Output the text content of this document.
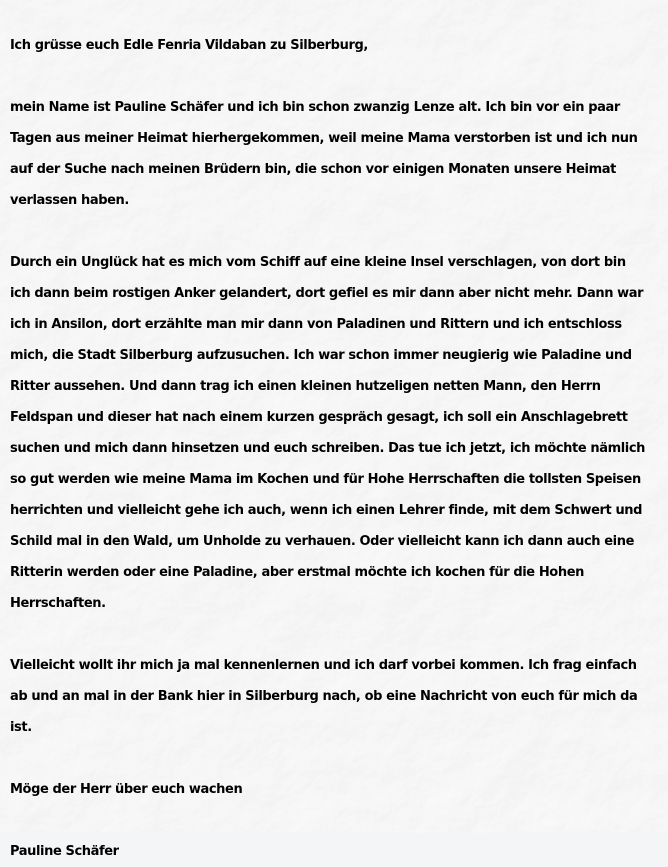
Ich grüsse euch Edle Fenria Vildaban zu Silberburg,

mein Name ist Pauline Schäfer und ich bin schon zwanzig Lenze alt. Ich bin vor ein paar Tagen aus meiner Heimat hierhergekommen, weil meine Mama verstorben ist und ich nun auf der Suche nach meinen Brüdern bin, die schon vor einigen Monaten unsere Heimat verlassen haben.

Durch ein Unglück hat es mich vom Schiff auf eine kleine Insel verschlagen, von dort bin ich dann beim rostigen Anker gelandert, dort gefiel es mir dann aber nicht mehr. Dann war ich in Ansilon, dort erzählte man mir dann von Paladinen und Rittern und ich entschloss mich, die Stadt Silberburg aufzusuchen. Ich war schon immer neugierig wie Paladine und Ritter aussehen. Und dann trag ich einen kleinen hutzeligen netten Mann, den Herrn Feldspan und dieser hat nach einem kurzen gespräch gesagt, ich soll ein Anschlagebrett suchen und mich dann hinsetzen und euch schreiben. Das tue ich jetzt, ich möchte nämlich so gut werden wie meine Mama im Kochen und für Hohe Herrschaften die tollsten Speisen herrichten und vielleicht gehe ich auch, wenn ich einen Lehrer finde, mit dem Schwert und Schild mal in den Wald, um Unholde zu verhauen. Oder vielleicht kann ich dann auch eine Ritterin werden oder eine Paladine, aber erstmal möchte ich kochen für die Hohen Herrschaften.

Vielleicht wollt ihr mich ja mal kennenlernen und ich darf vorbei kommen. Ich frag einfach ab und an mal in der Bank hier in Silberburg nach, ob eine Nachricht von euch für mich da ist.

Möge der Herr über euch wachen

Pauline Schäfer
